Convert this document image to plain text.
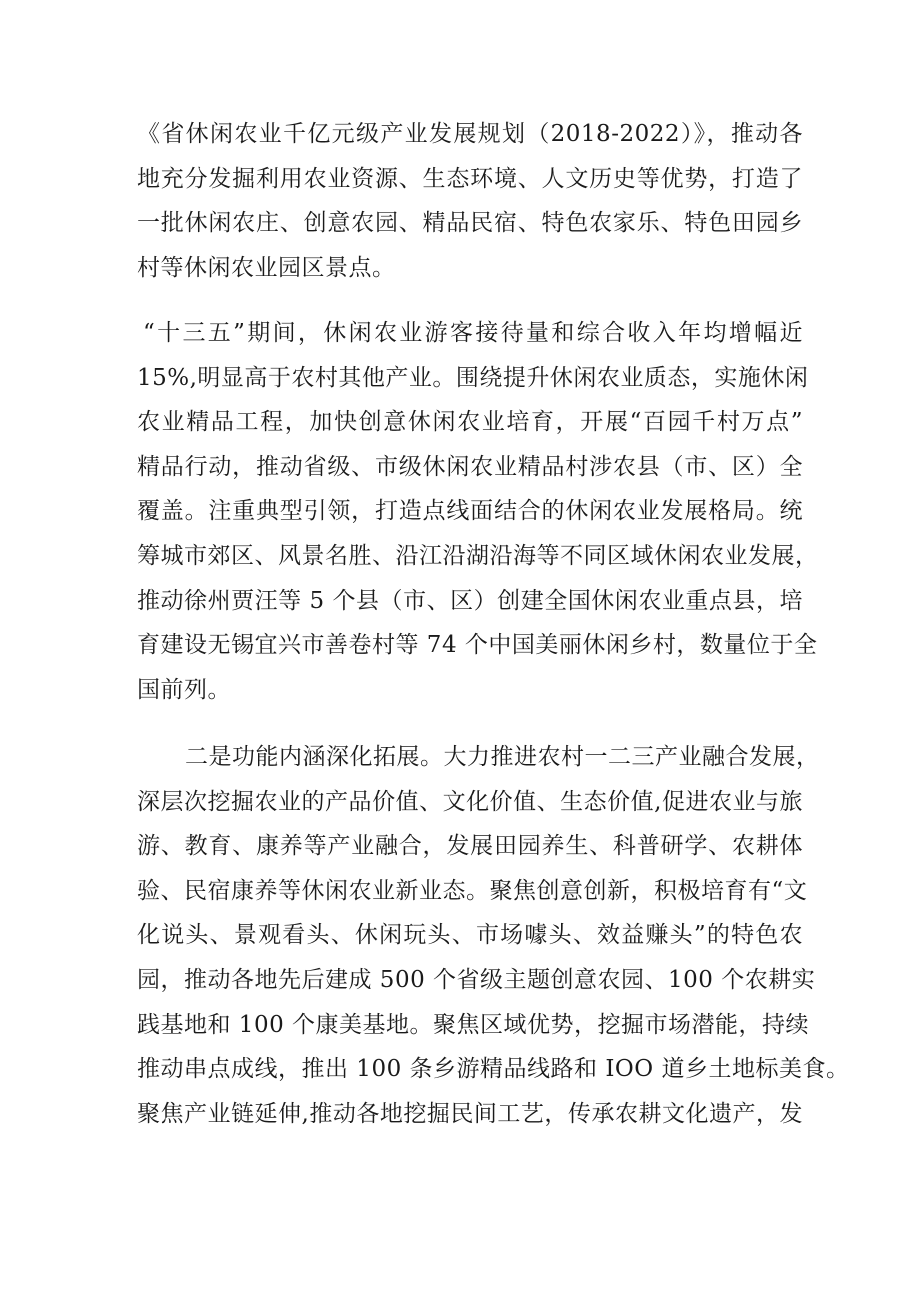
《省休闲农业千亿元级产业发展规划（2018-2022）》，推动各
地充分发掘利用农业资源、生态环境、人文历史等优势，打造了
一批休闲农庄、创意农园、精品民宿、特色农家乐、特色田园乡
村等休闲农业园区景点。
“十三五”期间，休闲农业游客接待量和综合收入年均增幅近
15%,明显高于农村其他产业。围绕提升休闲农业质态，实施休闲
农业精品工程，加快创意休闲农业培育，开展“百园千村万点”
精品行动，推动省级、市级休闲农业精品村涉农县（市、区）全
覆盖。注重典型引领，打造点线面结合的休闲农业发展格局。统
筹城市郊区、风景名胜、沿江沿湖沿海等不同区域休闲农业发展，
推动徐州贾汪等 5 个县（市、区）创建全国休闲农业重点县，培
育建设无锡宜兴市善卷村等 74 个中国美丽休闲乡村，数量位于全
国前列。
二是功能内涵深化拓展。大力推进农村一二三产业融合发展，
深层次挖掘农业的产品价值、文化价值、生态价值,促进农业与旅
游、教育、康养等产业融合，发展田园养生、科普研学、农耕体
验、民宿康养等休闲农业新业态。聚焦创意创新，积极培育有“文
化说头、景观看头、休闲玩头、市场噱头、效益赚头”的特色农
园，推动各地先后建成 500 个省级主题创意农园、100 个农耕实
践基地和 100 个康美基地。聚焦区域优势，挖掘市场潜能，持续
推动串点成线，推出 100 条乡游精品线路和 IOO 道乡土地标美食。
聚焦产业链延伸,推动各地挖掘民间工艺，传承农耕文化遗产，发
